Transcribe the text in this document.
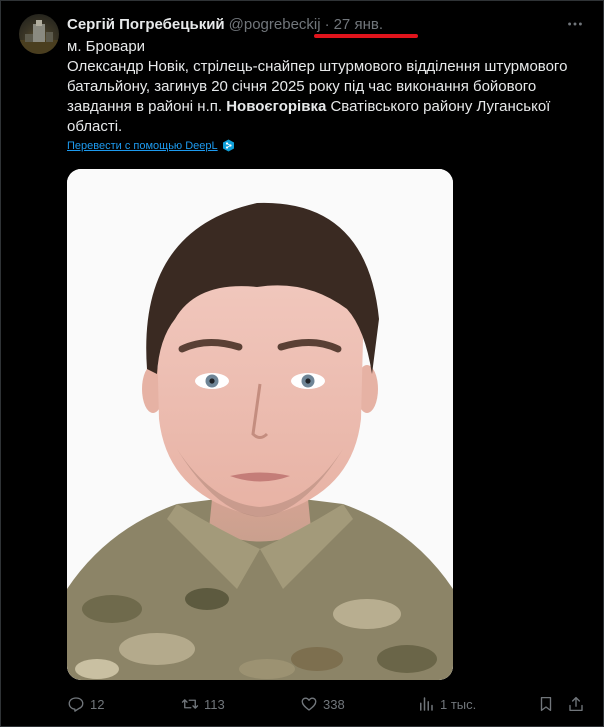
Сергій Погребецький @pogrebeckij · 27 янв.

м. Бровари

Олександр Новік, стрілець-снайпер штурмового відділення штурмового батальйону, загинув 20 січня 2025 року під час виконання бойового завдання в районі н.п. Новоєгорівка Сватівського району Луганської області.

Перевести с помощью DeepL
12	113	338	1 тыс.
